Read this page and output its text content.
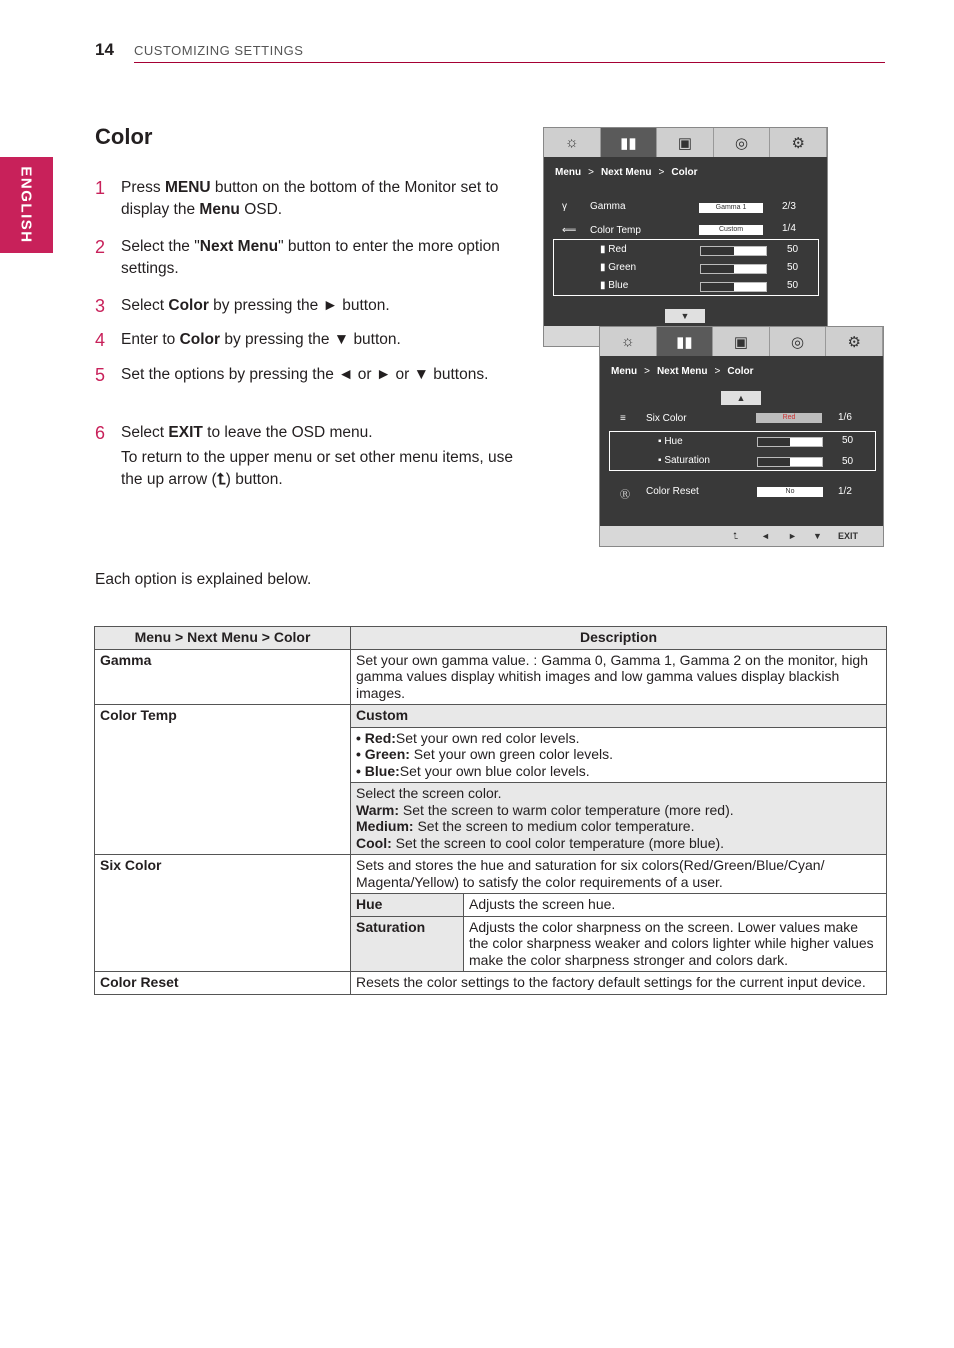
14 CUSTOMIZING SETTINGS
ENGLISH
Color
1 Press MENU button on the bottom of the Monitor set to display the Menu OSD.
2 Select the "Next Menu" button to enter the more option settings.
3 Select Color by pressing the ► button.
4 Enter to Color by pressing the ▼ button.
5 Set the options by pressing the ◄ or ► or ▼ buttons.
6 Select EXIT to leave the OSD menu.
To return to the upper menu or set other menu items, use the up arrow (⮤) button.
☼	▮▮	▣	◎	⚙
Menu > Next Menu > Color
γ Gamma	Gamma 1	2/3
⟸ Color Temp	Custom	1/4
▮ Red	50
▮ Green	50
▮ Blue	50
▼
☼	▮▮	▣	◎	⚙
Menu > Next Menu > Color
▲
≡ Six Color	Red	1/6
▪ Hue	50
▪ Saturation	50
Ⓡ Color Reset	No	1/2
⮤	◄ ► ▼ EXIT
Each option is explained below.
Menu > Next Menu > Color	Description	
Gamma	Set your own gamma value. : Gamma 0, Gamma 1, Gamma 2 on the monitor, high gamma values display whitish images and low gamma values display blackish images.	
Color Temp	Custom	

	• Red:Set your own red color levels.
• Green: Set your own green color levels.
• Blue:Set your own blue color levels.	

	Select the screen color.
Warm: Set the screen to warm color temperature (more red).
Medium: Set the screen to medium color temperature.
Cool: Set the screen to cool color temperature (more blue).	

Six Color	Sets and stores the hue and saturation for six colors(Red/Green/Blue/Cyan/ Magenta/Yellow) to satisfy the color requirements of a user.	
	Hue	Adjusts the screen hue.
	Saturation	Adjusts the color sharpness on the screen. Lower values make the color sharpness weaker and colors lighter while higher values make the color sharpness stronger and colors dark.
Color Reset	Resets the color settings to the factory default settings for the current input device.	
